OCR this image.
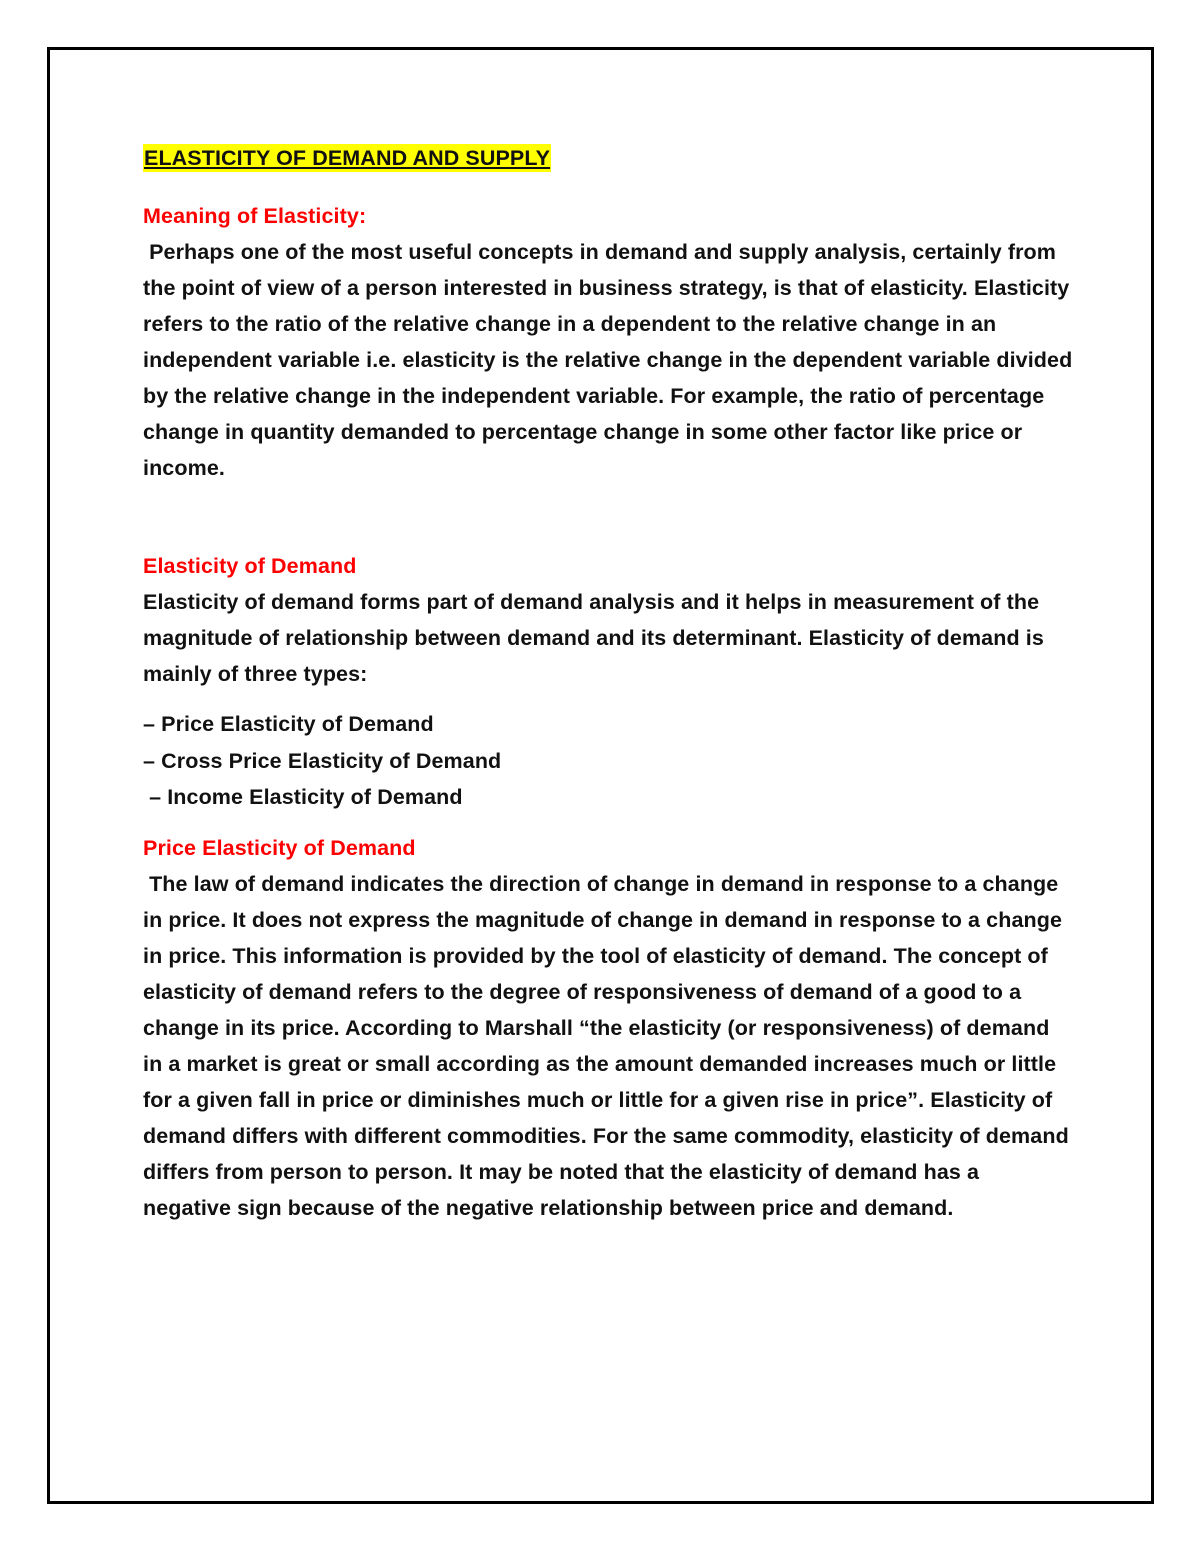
ELASTICITY OF DEMAND AND SUPPLY

Meaning of Elasticity:

Perhaps one of the most useful concepts in demand and supply analysis, certainly from the point of view of a person interested in business strategy, is that of elasticity. Elasticity refers to the ratio of the relative change in a dependent to the relative change in an independent variable i.e. elasticity is the relative change in the dependent variable divided by the relative change in the independent variable. For example, the ratio of percentage change in quantity demanded to percentage change in some other factor like price or income.

Elasticity of Demand

Elasticity of demand forms part of demand analysis and it helps in measurement of the magnitude of relationship between demand and its determinant. Elasticity of demand is mainly of three types:

– Price Elasticity of Demand
– Cross Price Elasticity of Demand
– Income Elasticity of Demand

Price Elasticity of Demand

The law of demand indicates the direction of change in demand in response to a change in price. It does not express the magnitude of change in demand in response to a change in price. This information is provided by the tool of elasticity of demand. The concept of elasticity of demand refers to the degree of responsiveness of demand of a good to a change in its price. According to Marshall “the elasticity (or responsiveness) of demand in a market is great or small according as the amount demanded increases much or little for a given fall in price or diminishes much or little for a given rise in price”. Elasticity of demand differs with different commodities. For the same commodity, elasticity of demand differs from person to person. It may be noted that the elasticity of demand has a negative sign because of the negative relationship between price and demand.
